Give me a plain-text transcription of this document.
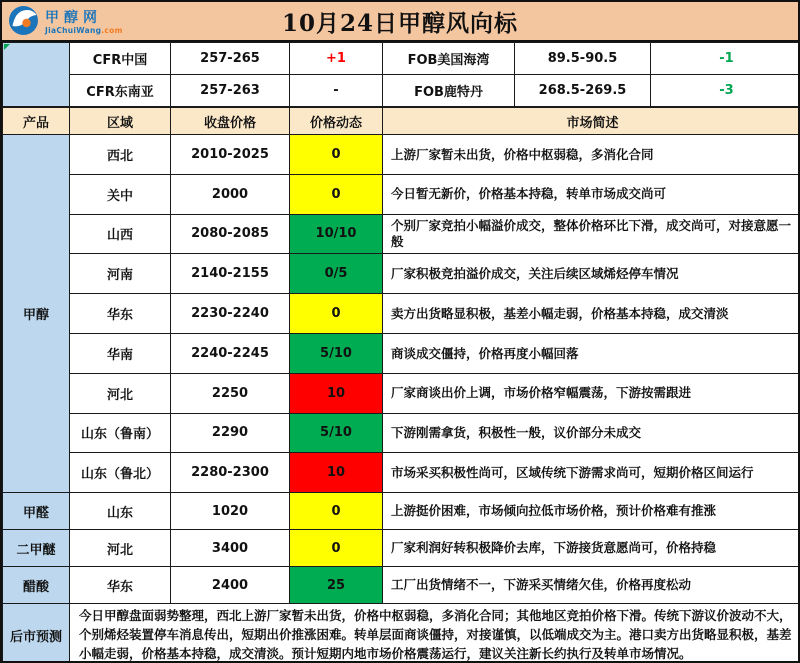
甲醇网
JiaChuiWang.com	10月24日甲醇风向标
	CFR中国	257-265	+1	FOB美国海湾	89.5-90.5	-1
	CFR东南亚	257-263	-	FOB鹿特丹	268.5-269.5	-3
产品	区域	收盘价格	价格动态	市场简述
甲醇	西北	2010-2025	0	上游厂家暂未出货，价格中枢弱稳，多消化合同
	关中	2000	0	今日暂无新价，价格基本持稳，转单市场成交尚可
	山西	2080-2085	10/10	个别厂家竞拍小幅溢价成交，整体价格环比下滑，成交尚可，对接意愿一般
	河南	2140-2155	0/5	厂家积极竞拍溢价成交，关注后续区域烯烃停车情况
	华东	2230-2240	0	卖方出货略显积极，基差小幅走弱，价格基本持稳，成交清淡
	华南	2240-2245	5/10	商谈成交僵持，价格再度小幅回落
	河北	2250	10	厂家商谈出价上调，市场价格窄幅震荡，下游按需跟进
	山东（鲁南）	2290	5/10	下游刚需拿货，积极性一般，议价部分未成交
	山东（鲁北）	2280-2300	10	市场采买积极性尚可，区域传统下游需求尚可，短期价格区间运行
甲醛	山东	1020	0	上游挺价困难，市场倾向拉低市场价格，预计价格难有推涨
二甲醚	河北	3400	0	厂家利润好转积极降价去库，下游接货意愿尚可，价格持稳
醋酸	华东	2400	25	工厂出货情绪不一，下游采买情绪欠佳，价格再度松动
后市预测	今日甲醇盘面弱势整理，西北上游厂家暂未出货，价格中枢弱稳，多消化合同；其他地区竞拍价格下滑。传统下游议价波动不大，个别烯烃装置停车消息传出，短期出价推涨困难。转单层面商谈僵持，对接谨慎，以低端成交为主。港口卖方出货略显积极，基差小幅走弱，价格基本持稳，成交清淡。预计短期内地市场价格震荡运行，建议关注新长约执行及转单市场情况。			
